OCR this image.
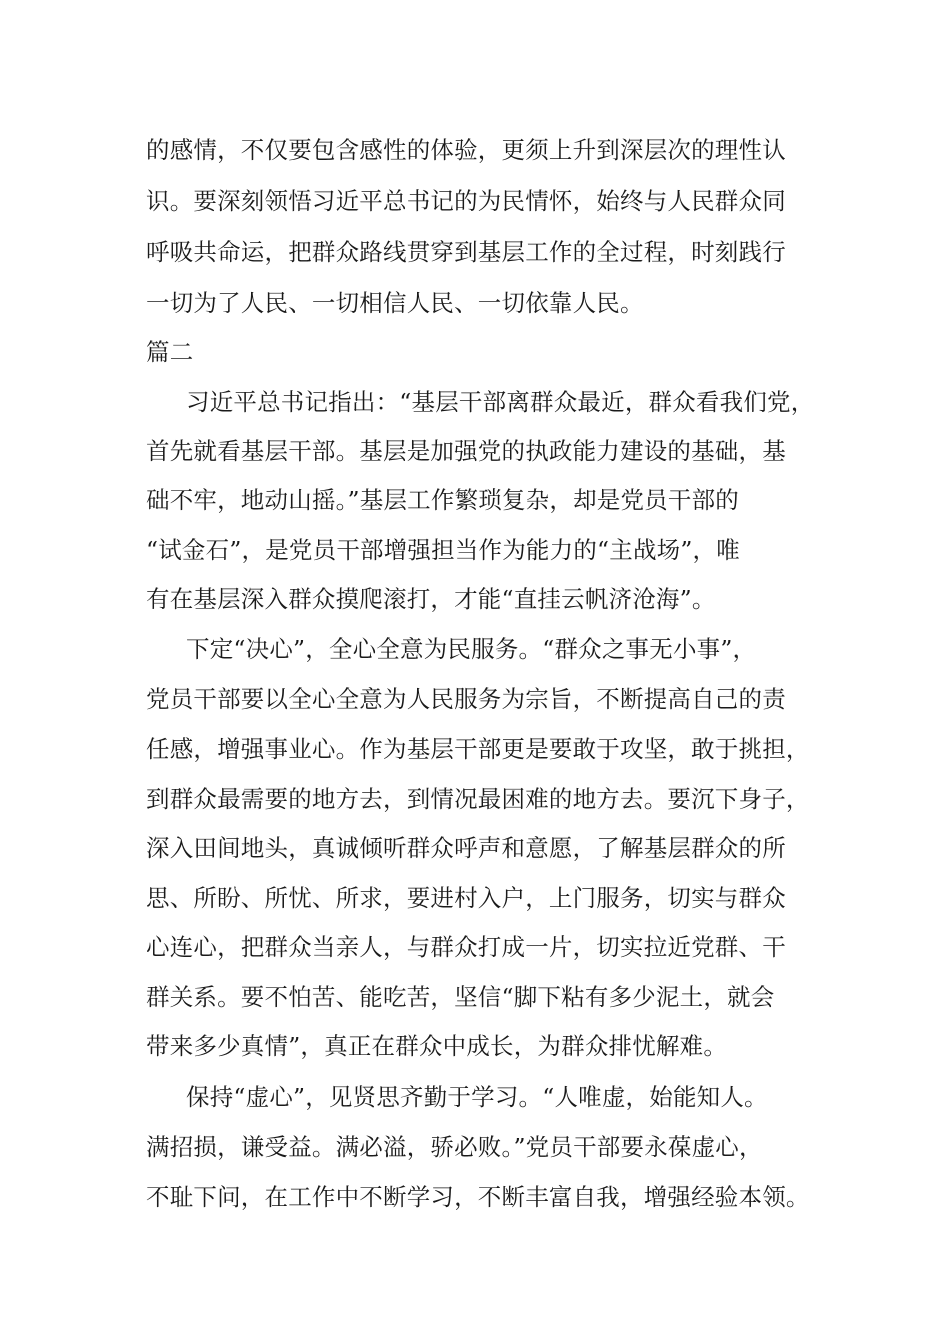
的感情，不仅要包含感性的体验，更须上升到深层次的理性认
识。要深刻领悟习近平总书记的为民情怀，始终与人民群众同
呼吸共命运，把群众路线贯穿到基层工作的全过程，时刻践行
一切为了人民、一切相信人民、一切依靠人民。
篇二
习近平总书记指出：“基层干部离群众最近，群众看我们党，
首先就看基层干部。基层是加强党的执政能力建设的基础，基
础不牢，地动山摇。”基层工作繁琐复杂，却是党员干部的
“试金石”，是党员干部增强担当作为能力的“主战场”，唯
有在基层深入群众摸爬滚打，才能“直挂云帆济沧海”。
下定“决心”，全心全意为民服务。“群众之事无小事”，
党员干部要以全心全意为人民服务为宗旨，不断提高自己的责
任感，增强事业心。作为基层干部更是要敢于攻坚，敢于挑担，
到群众最需要的地方去，到情况最困难的地方去。要沉下身子，
深入田间地头，真诚倾听群众呼声和意愿，了解基层群众的所
思、所盼、所忧、所求，要进村入户，上门服务，切实与群众
心连心，把群众当亲人，与群众打成一片，切实拉近党群、干
群关系。要不怕苦、能吃苦，坚信“脚下粘有多少泥土，就会
带来多少真情”，真正在群众中成长，为群众排忧解难。
保持“虚心”，见贤思齐勤于学习。“人唯虚，始能知人。
满招损，谦受益。满必溢，骄必败。”党员干部要永葆虚心，
不耻下问，在工作中不断学习，不断丰富自我，增强经验本领。
